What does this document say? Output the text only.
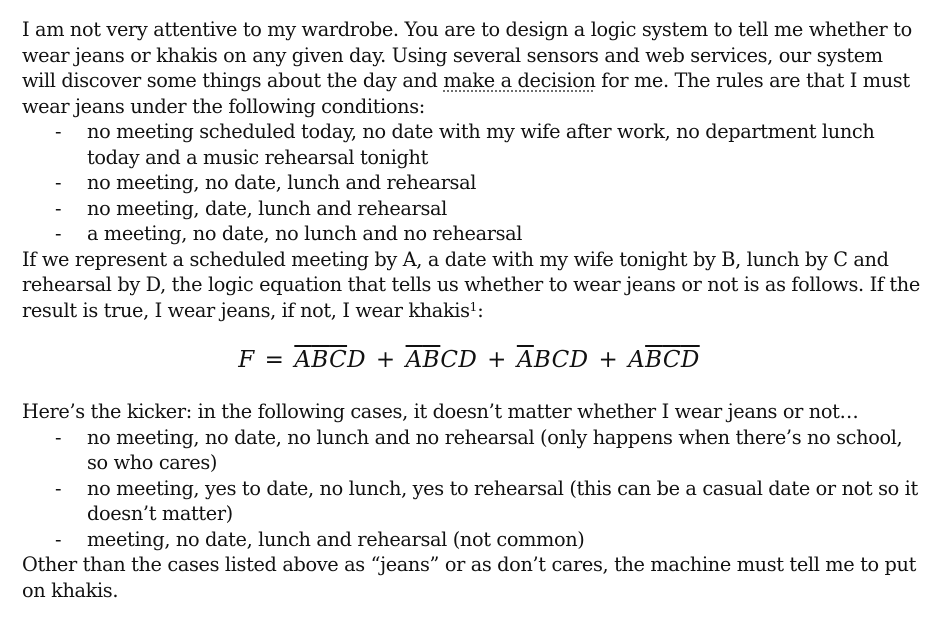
I am not very attentive to my wardrobe. You are to design a logic system to tell me whether to wear jeans or khakis on any given day. Using several sensors and web services, our system will discover some things about the day and make a decision for me. The rules are that I must wear jeans under the following conditions:

- no meeting scheduled today, no date with my wife after work, no department lunch today and a music rehearsal tonight
- no meeting, no date, lunch and rehearsal
- no meeting, date, lunch and rehearsal
- a meeting, no date, no lunch and no rehearsal

If we represent a scheduled meeting by A, a date with my wife tonight by B, lunch by C and rehearsal by D, the logic equation that tells us whether to wear jeans or not is as follows. If the result is true, I wear jeans, if not, I wear khakis$^1$:

$F = \overline{A}\overline{B}\overline{C}D + \overline{A}\overline{B}CD + \overline{A}BCD + A\overline{B}\overline{C}\overline{D}$

Here’s the kicker: in the following cases, it doesn’t matter whether I wear jeans or not…

- no meeting, no date, no lunch and no rehearsal (only happens when there’s no school, so who cares)
- no meeting, yes to date, no lunch, yes to rehearsal (this can be a casual date or not so it doesn’t matter)
- meeting, no date, lunch and rehearsal (not common)

Other than the cases listed above as “jeans” or as don’t cares, the machine must tell me to put on khakis.
